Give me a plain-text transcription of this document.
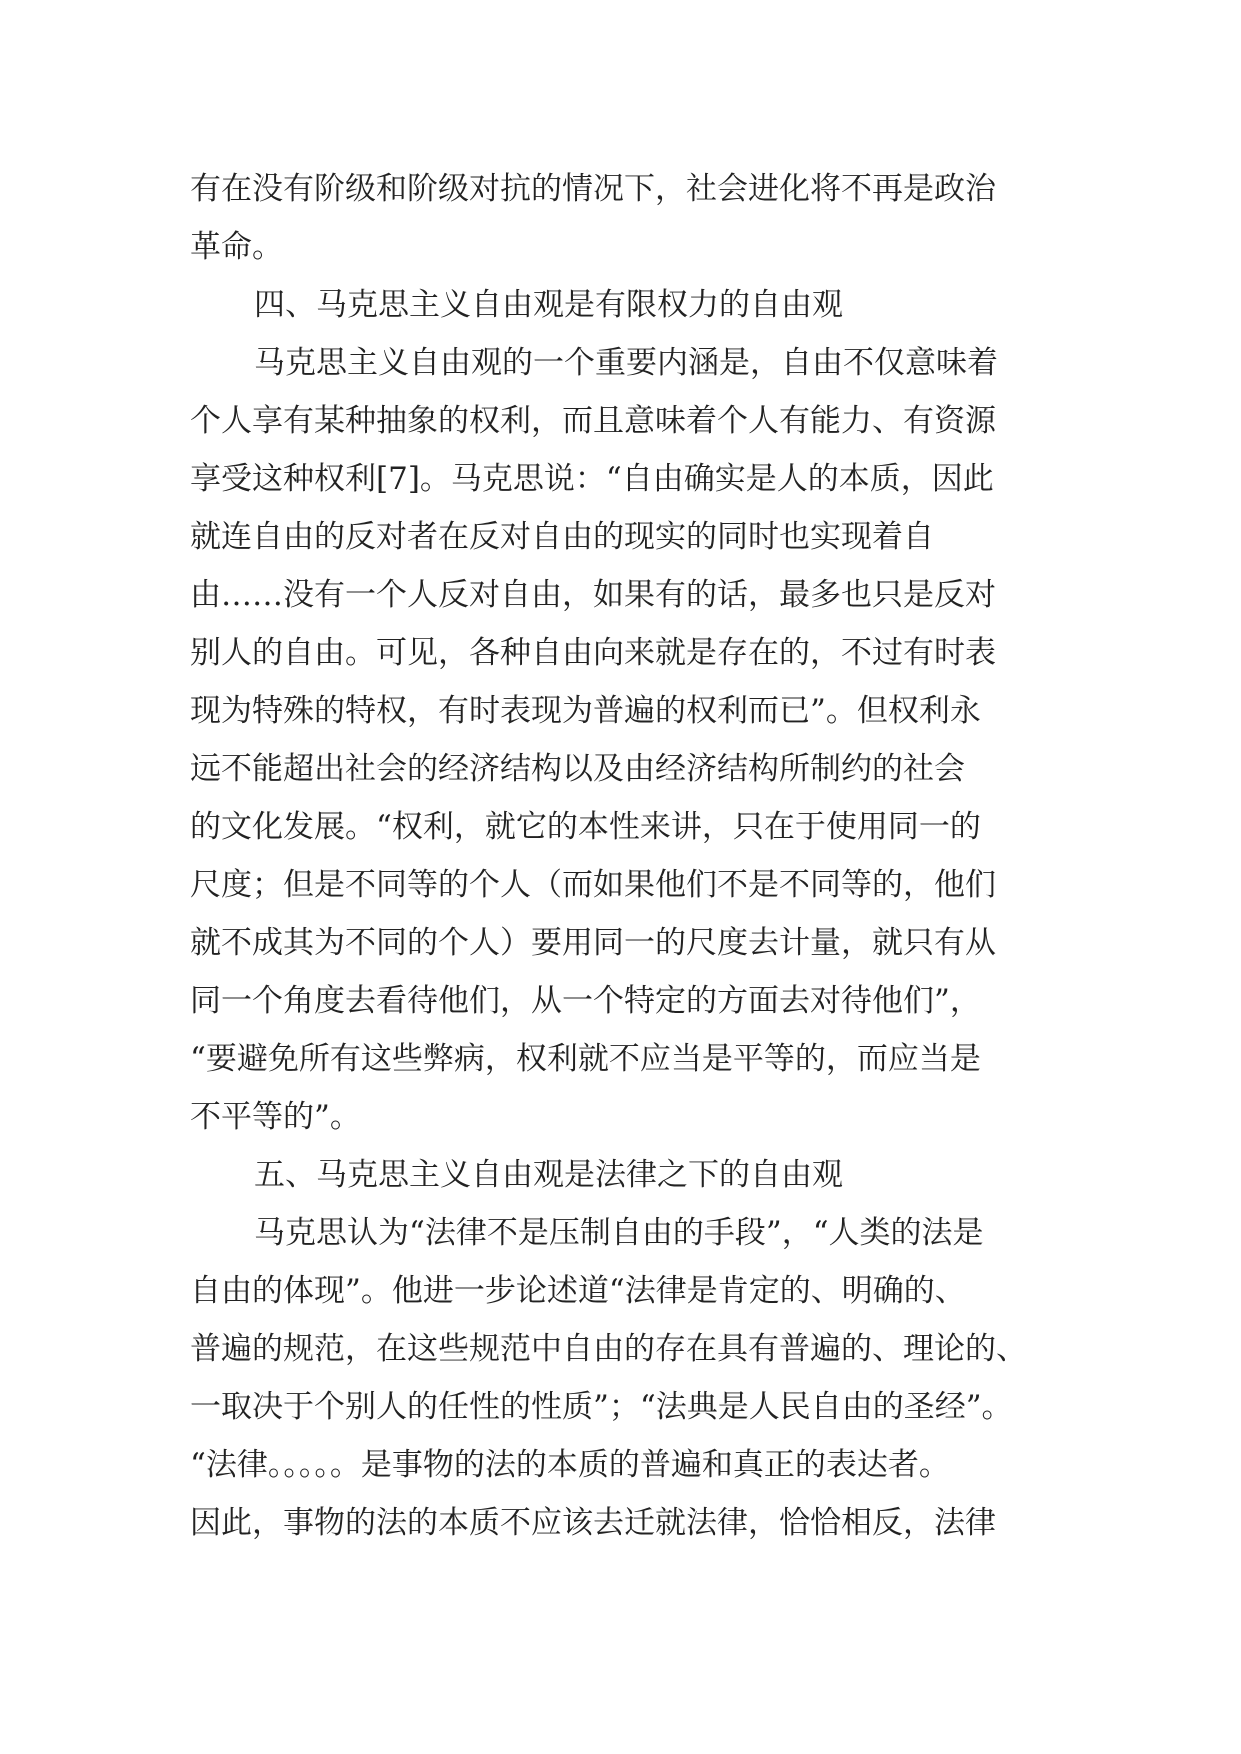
有在没有阶级和阶级对抗的情况下，社会进化将不再是政治
革命。
四、马克思主义自由观是有限权力的自由观
马克思主义自由观的一个重要内涵是，自由不仅意味着
个人享有某种抽象的权利，而且意味着个人有能力、有资源
享受这种权利[7]。马克思说：“自由确实是人的本质，因此
就连自由的反对者在反对自由的现实的同时也实现着自
由……没有一个人反对自由，如果有的话，最多也只是反对
别人的自由。可见，各种自由向来就是存在的，不过有时表
现为特殊的特权，有时表现为普遍的权利而已”。但权利永
远不能超出社会的经济结构以及由经济结构所制约的社会
的文化发展。“权利，就它的本性来讲，只在于使用同一的
尺度；但是不同等的个人（而如果他们不是不同等的，他们
就不成其为不同的个人）要用同一的尺度去计量，就只有从
同一个角度去看待他们，从一个特定的方面去对待他们”，
“要避免所有这些弊病，权利就不应当是平等的，而应当是
不平等的”。
五、马克思主义自由观是法律之下的自由观
马克思认为“法律不是压制自由的手段”，“人类的法是
自由的体现”。他进一步论述道“法律是肯定的、明确的、
普遍的规范，在这些规范中自由的存在具有普遍的、理论的、
一取决于个别人的任性的性质”；“法典是人民自由的圣经”。
“法律。。。。。是事物的法的本质的普遍和真正的表达者。
因此，事物的法的本质不应该去迁就法律，恰恰相反，法律
